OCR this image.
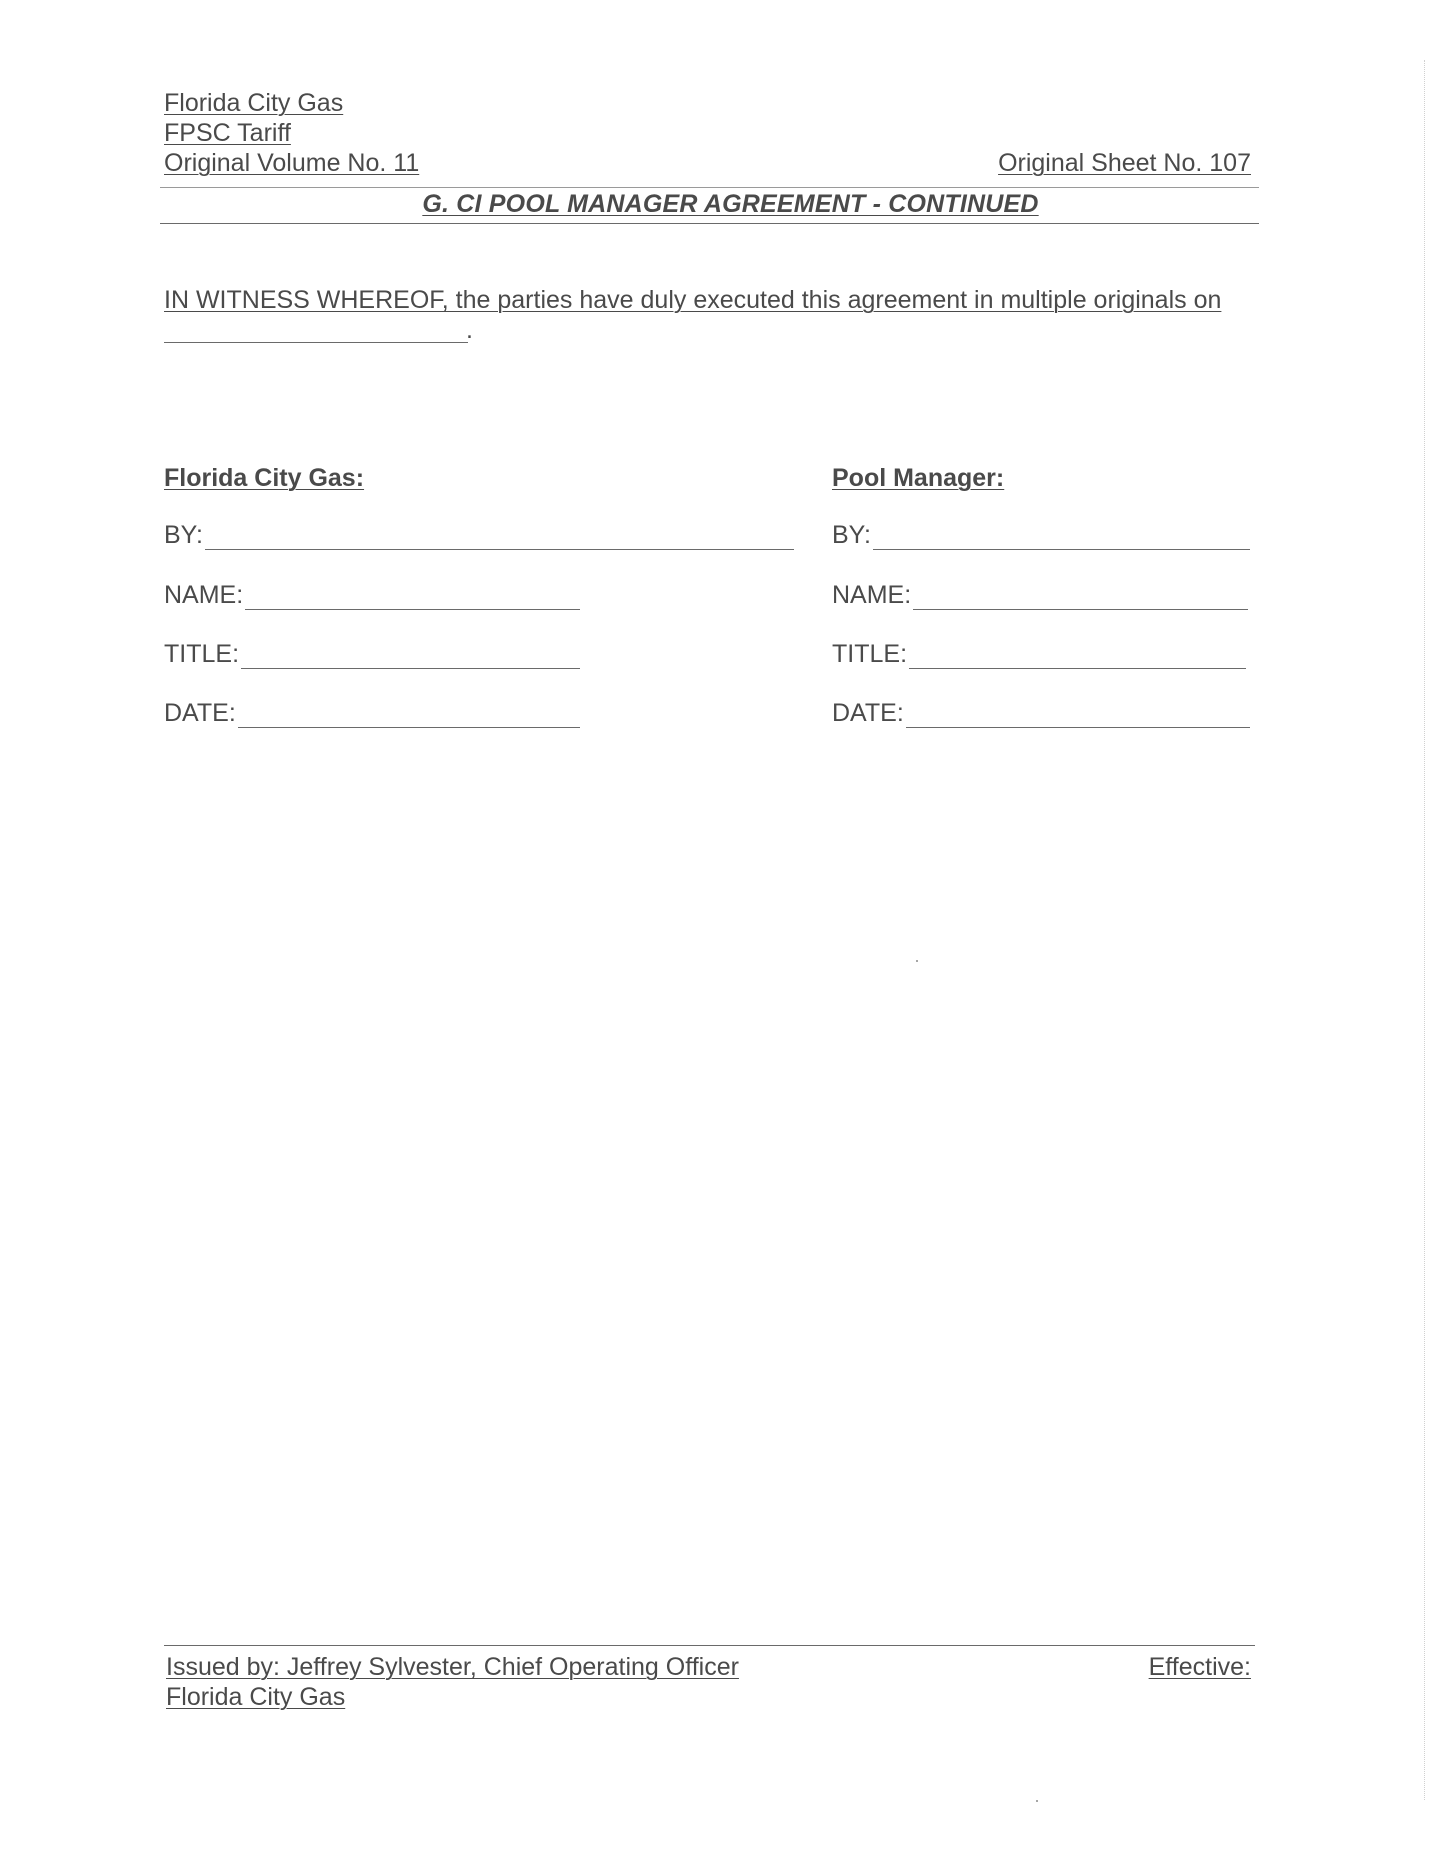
Florida City Gas
FPSC Tariff
Original Volume No. 11	Original Sheet No. 107
G. CI POOL MANAGER AGREEMENT - CONTINUED
IN WITNESS WHEREOF, the parties have duly executed this agreement in multiple originals on
.
Florida City Gas:
BY:
NAME:
TITLE:
DATE:
Pool Manager:
BY:
NAME:
TITLE:
DATE:
Issued by: Jeffrey Sylvester, Chief Operating Officer
Florida City Gas
Effective:
